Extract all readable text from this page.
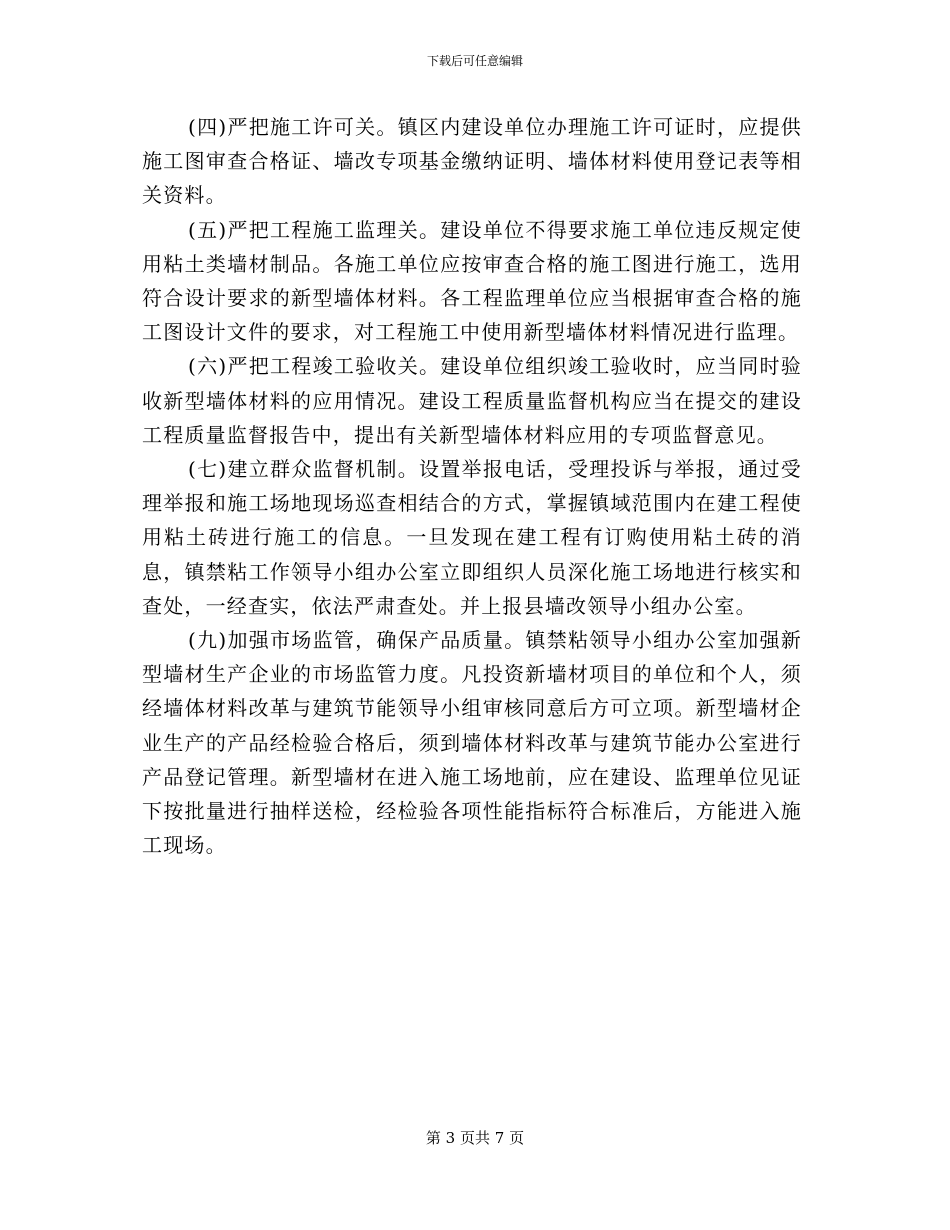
下载后可任意编辑

(四)严把施工许可关。镇区内建设单位办理施工许可证时，应提供施工图审查合格证、墙改专项基金缴纳证明、墙体材料使用登记表等相关资料。

(五)严把工程施工监理关。建设单位不得要求施工单位违反规定使用粘土类墙材制品。各施工单位应按审查合格的施工图进行施工，选用符合设计要求的新型墙体材料。各工程监理单位应当根据审查合格的施工图设计文件的要求，对工程施工中使用新型墙体材料情况进行监理。

(六)严把工程竣工验收关。建设单位组织竣工验收时，应当同时验收新型墙体材料的应用情况。建设工程质量监督机构应当在提交的建设工程质量监督报告中，提出有关新型墙体材料应用的专项监督意见。

(七)建立群众监督机制。设置举报电话，受理投诉与举报，通过受理举报和施工场地现场巡查相结合的方式，掌握镇域范围内在建工程使用粘土砖进行施工的信息。一旦发现在建工程有订购使用粘土砖的消息，镇禁粘工作领导小组办公室立即组织人员深化施工场地进行核实和查处，一经查实，依法严肃查处。并上报县墙改领导小组办公室。

(九)加强市场监管，确保产品质量。镇禁粘领导小组办公室加强新型墙材生产企业的市场监管力度。凡投资新墙材项目的单位和个人，须经墙体材料改革与建筑节能领导小组审核同意后方可立项。新型墙材企业生产的产品经检验合格后，须到墙体材料改革与建筑节能办公室进行产品登记管理。新型墙材在进入施工场地前，应在建设、监理单位见证下按批量进行抽样送检，经检验各项性能指标符合标准后，方能进入施工现场。

第 3 页共 7 页
